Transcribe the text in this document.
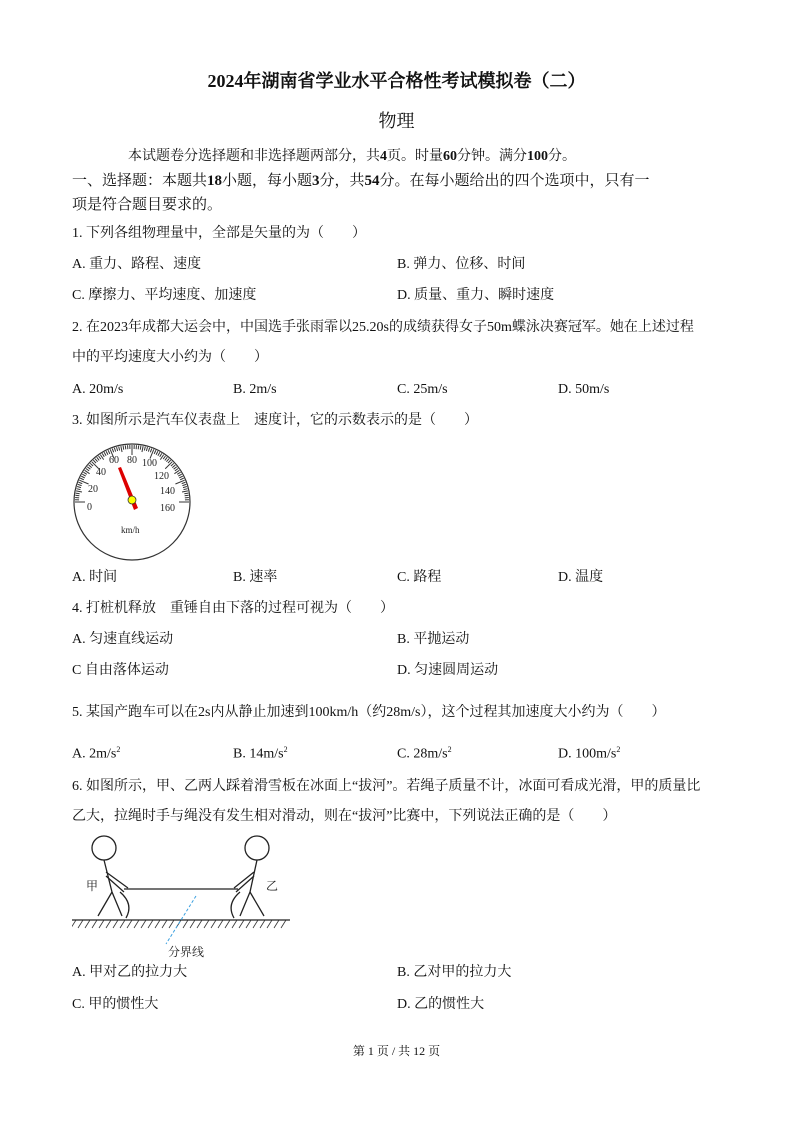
2024年湖南省学业水平合格性考试模拟卷（二）
物理
本试题卷分选择题和非选择题两部分，共4页。时量60分钟。满分100分。
一、选择题：本题共18小题，每小题3分，共54分。在每小题给出的四个选项中，只有一
项是符合题目要求的。
1. 下列各组物理量中，全部是矢量的为（　　）
A. 重力、路程、速度	B. 弹力、位移、时间
C. 摩擦力、平均速度、加速度	D. 质量、重力、瞬时速度
2. 在2023年成都大运会中，中国选手张雨霏以25.20s的成绩获得女子50m蝶泳决赛冠军。她在上述过程
中的平均速度大小约为（　　）
A. 20m/s	B. 2m/s	C. 25m/s	D. 50m/s
3. 如图所示是汽车仪表盘上　速度计，它的示数表示的是（　　）
0
20
40
60 80 100
120
140
160
km/h
A. 时间	B. 速率	C. 路程	D. 温度
4. 打桩机释放　重锤自由下落的过程可视为（　　）
A. 匀速直线运动	B. 平抛运动
C 自由落体运动	D. 匀速圆周运动
5. 某国产跑车可以在2s内从静止加速到100km/h（约28m/s），这个过程其加速度大小约为（　　）
A. $2m/s^2$	B. $14m/s^2$	C. $28m/s^2$	D. $100m/s^2$
6. 如图所示，甲、乙两人踩着滑雪板在冰面上“拔河”。若绳子质量不计，冰面可看成光滑，甲的质量比
乙大，拉绳时手与绳没有发生相对滑动，则在“拔河”比赛中，下列说法正确的是（　　）
甲	乙
分界线
A. 甲对乙的拉力大	B. 乙对甲的拉力大
C. 甲的惯性大	D. 乙的惯性大
第 1 页 / 共 12 页
